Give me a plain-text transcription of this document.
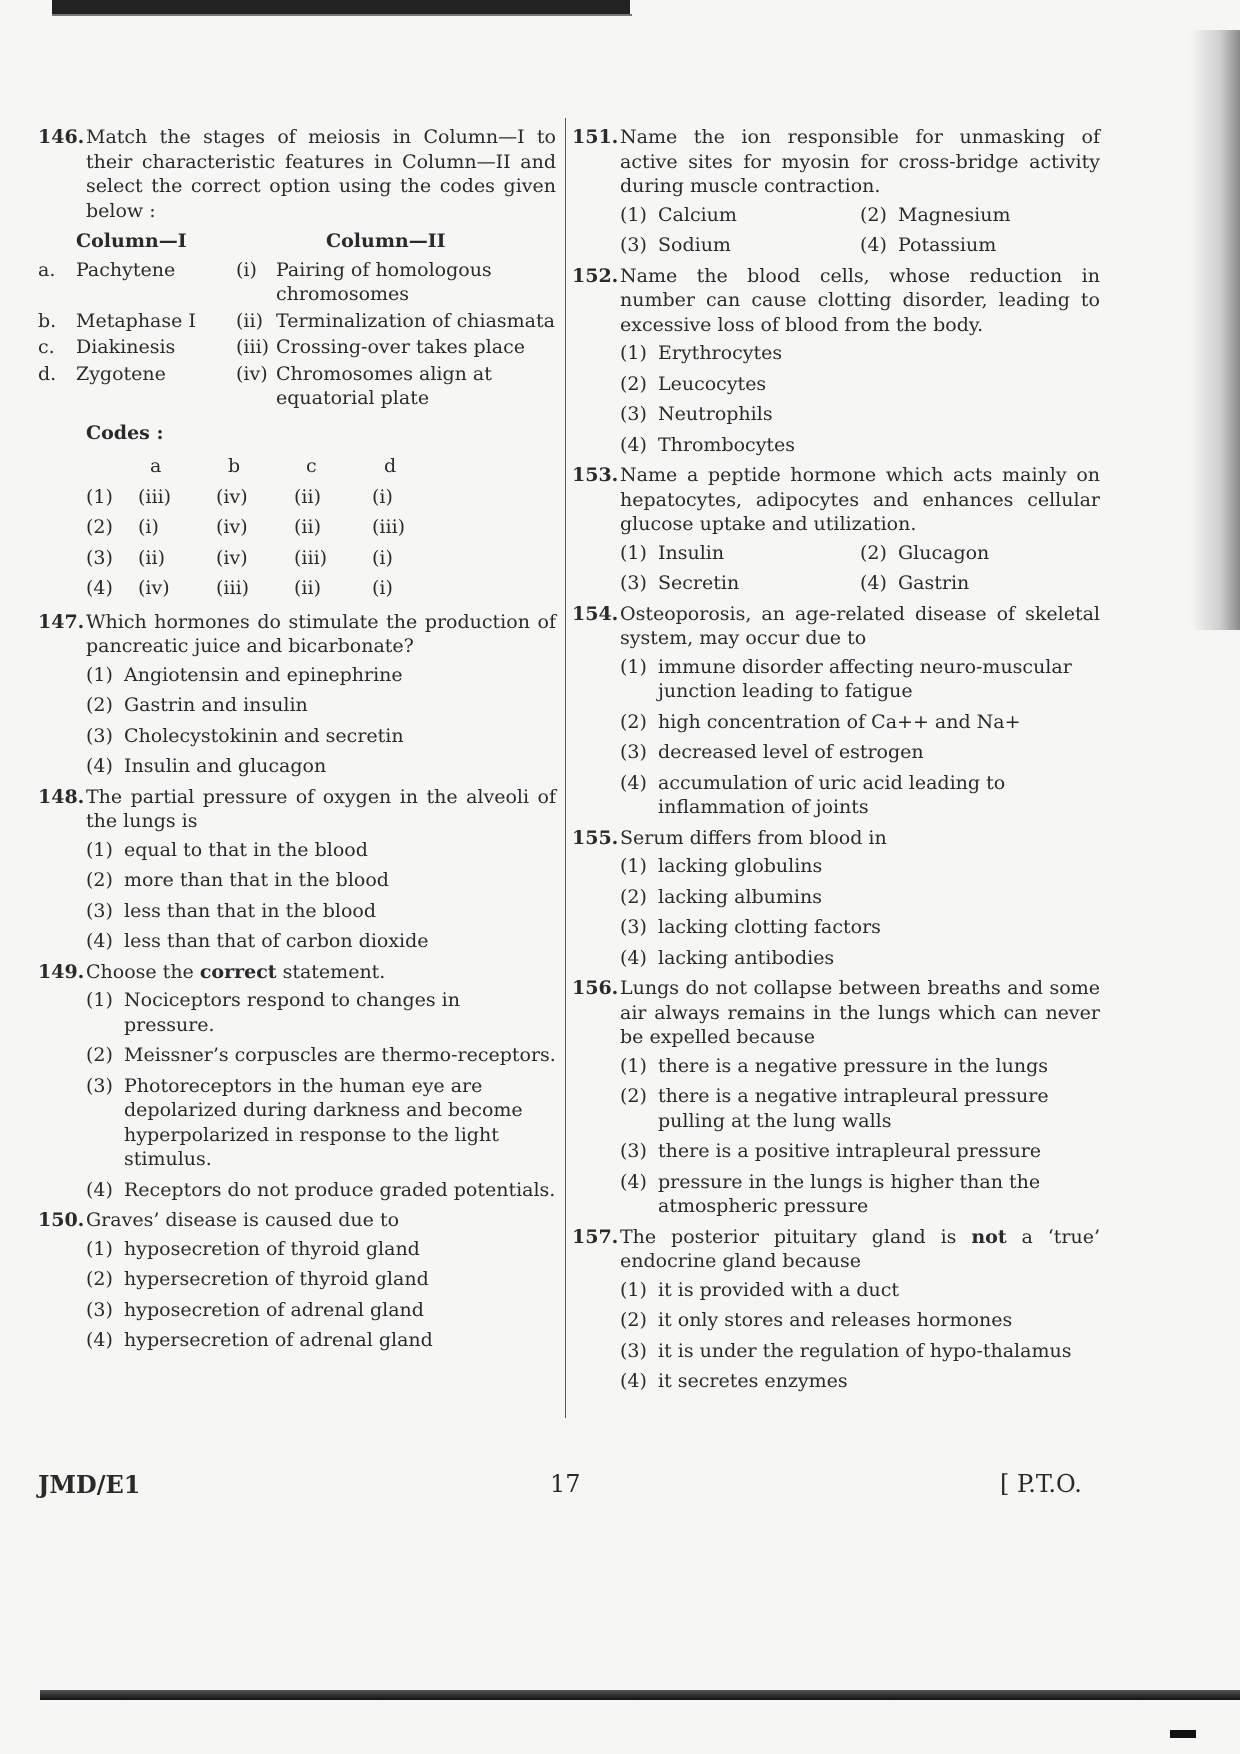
146. Match the stages of meiosis in Column—I to their characteristic features in Column—II and select the correct option using the codes given below :
Column—I	Column—II
a.	Pachytene	(i)	Pairing of homologous chromosomes
b.	Metaphase I	(ii) Terminalization of chiasmata
c.	Diakinesis	(iii) Crossing-over takes place
d.	Zygotene	(iv) Chromosomes align at equatorial plate
Codes :
	a	b	c	d
(1)	(iii)	(iv)	(ii)	(i)
(2)	(i)	(iv)	(ii)	(iii)
(3)	(ii)	(iv)	(iii)	(i)
(4)	(iv)	(iii)	(ii)	(i)
147. Which hormones do stimulate the production of pancreatic juice and bicarbonate?
(1) Angiotensin and epinephrine
(2) Gastrin and insulin
(3) Cholecystokinin and secretin
(4) Insulin and glucagon
148. The partial pressure of oxygen in the alveoli of the lungs is
(1) equal to that in the blood
(2) more than that in the blood
(3) less than that in the blood
(4) less than that of carbon dioxide
149. Choose the correct statement.
(1) Nociceptors respond to changes in pressure.
(2) Meissner’s corpuscles are thermo-receptors.
(3) Photoreceptors in the human eye are depolarized during darkness and become hyperpolarized in response to the light stimulus.
(4) Receptors do not produce graded potentials.
150. Graves’ disease is caused due to
(1) hyposecretion of thyroid gland
(2) hypersecretion of thyroid gland
(3) hyposecretion of adrenal gland
(4) hypersecretion of adrenal gland
151. Name the ion responsible for unmasking of active sites for myosin for cross-bridge activity during muscle contraction.
(1) Calcium	(2) Magnesium
(3) Sodium	(4) Potassium
152. Name the blood cells, whose reduction in number can cause clotting disorder, leading to excessive loss of blood from the body.
(1) Erythrocytes
(2) Leucocytes
(3) Neutrophils
(4) Thrombocytes
153. Name a peptide hormone which acts mainly on hepatocytes, adipocytes and enhances cellular glucose uptake and utilization.
(1) Insulin	(2) Glucagon
(3) Secretin	(4) Gastrin
154. Osteoporosis, an age-related disease of skeletal system, may occur due to
(1) immune disorder affecting neuro-muscular junction leading to fatigue
(2) high concentration of Ca++ and Na+
(3) decreased level of estrogen
(4) accumulation of uric acid leading to inflammation of joints
155. Serum differs from blood in
(1) lacking globulins
(2) lacking albumins
(3) lacking clotting factors
(4) lacking antibodies
156. Lungs do not collapse between breaths and some air always remains in the lungs which can never be expelled because
(1) there is a negative pressure in the lungs
(2) there is a negative intrapleural pressure pulling at the lung walls
(3) there is a positive intrapleural pressure
(4) pressure in the lungs is higher than the atmospheric pressure
157. The posterior pituitary gland is not a ‘true’ endocrine gland because
(1) it is provided with a duct
(2) it only stores and releases hormones
(3) it is under the regulation of hypo-thalamus
(4) it secretes enzymes
JMD/E1	17	[ P.T.O.
